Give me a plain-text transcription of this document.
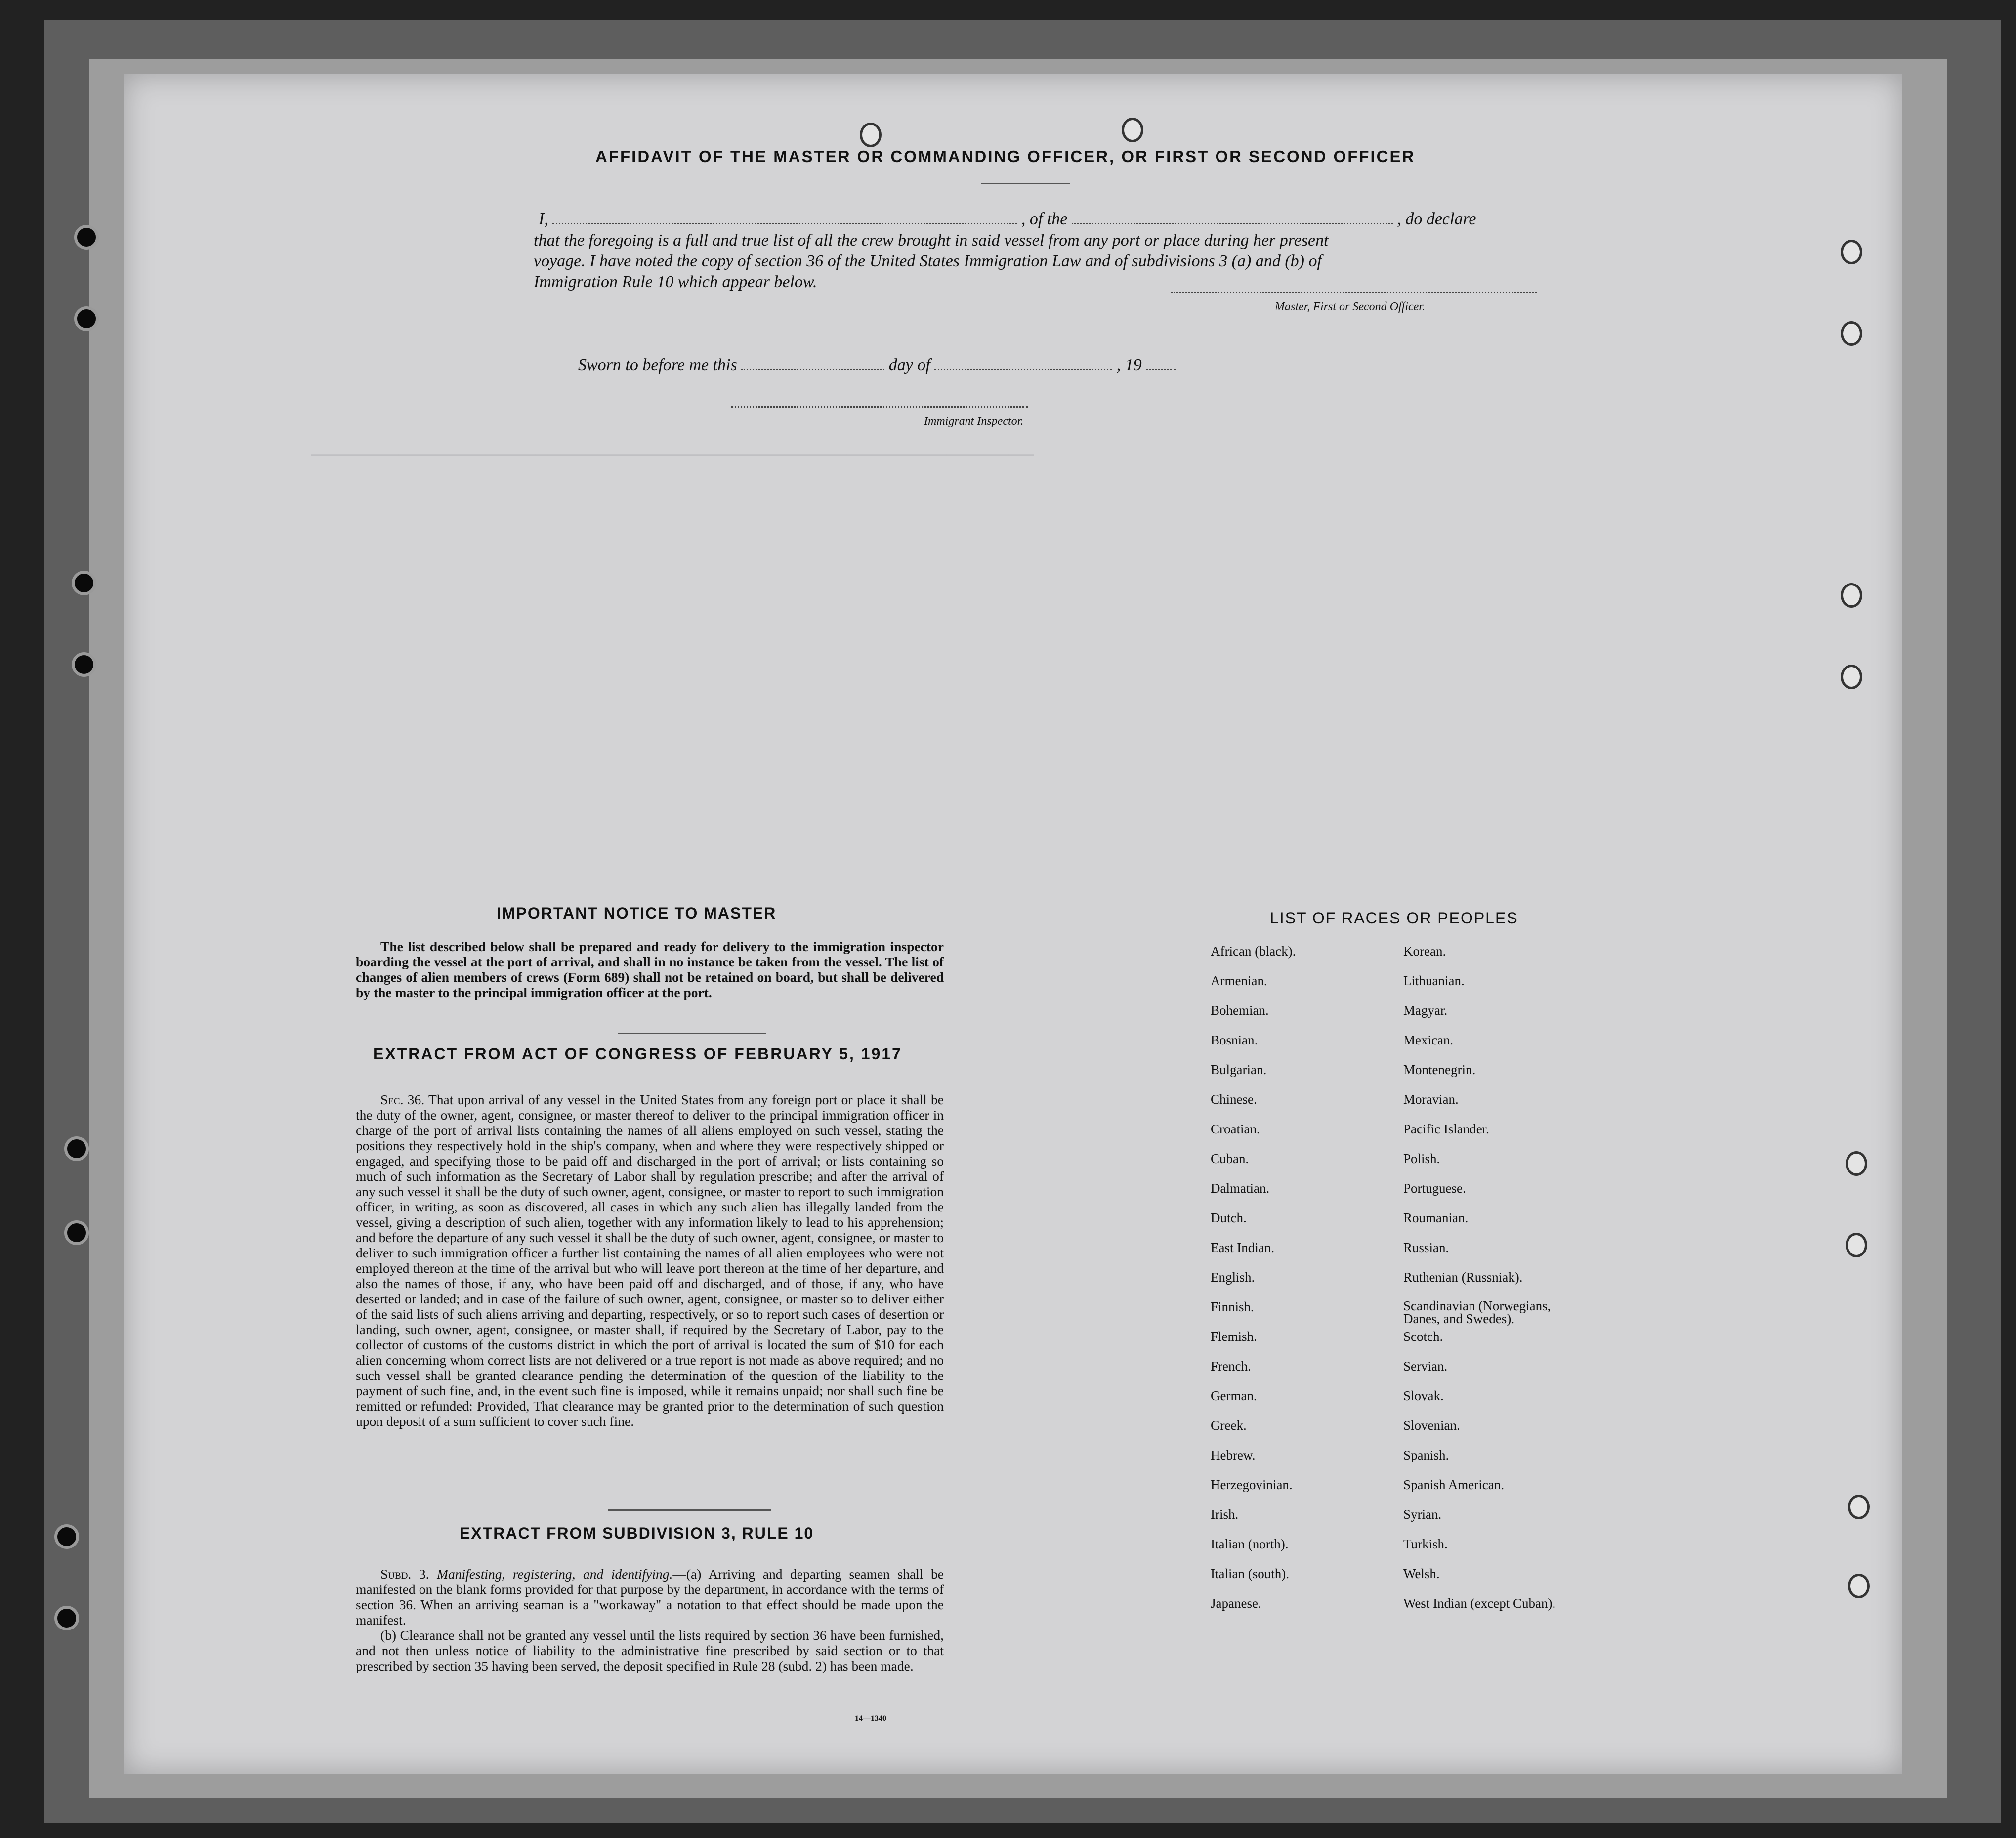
AFFIDAVIT OF THE MASTER OR COMMANDING OFFICER, OR FIRST OR SECOND OFFICER
I,	, of the	, do declare
that the foregoing is a full and true list of all the crew brought in said vessel from any port or place during her present
voyage. I have noted the copy of section 36 of the United States Immigration Law and of subdivisions 3 (a) and (b) of
Immigration Rule 10 which appear below.
Master, First or Second Officer.
Sworn to before me this	day of	, 19
Immigrant Inspector.
——————————————————————————————————————————————————————————
IMPORTANT NOTICE TO MASTER

The list described below shall be prepared and ready for delivery to the immigration inspector boarding the vessel at the port of arrival, and shall in no instance be taken from the vessel. The list of changes of alien members of crews (Form 689) shall not be retained on board, but shall be delivered by the master to the principal immigration officer at the port.

EXTRACT FROM ACT OF CONGRESS OF FEBRUARY 5, 1917

Sec. 36. That upon arrival of any vessel in the United States from any foreign port or place it shall be the duty of the owner, agent, consignee, or master thereof to deliver to the principal immigration officer in charge of the port of arrival lists containing the names of all aliens employed on such vessel, stating the positions they respectively hold in the ship's company, when and where they were respectively shipped or engaged, and specifying those to be paid off and discharged in the port of arrival; or lists containing so much of such information as the Secretary of Labor shall by regulation prescribe; and after the arrival of any such vessel it shall be the duty of such owner, agent, consignee, or master to report to such immigration officer, in writing, as soon as discovered, all cases in which any such alien has illegally landed from the vessel, giving a description of such alien, together with any information likely to lead to his apprehension; and before the departure of any such vessel it shall be the duty of such owner, agent, consignee, or master to deliver to such immigration officer a further list containing the names of all alien employees who were not employed thereon at the time of the arrival but who will leave port thereon at the time of her departure, and also the names of those, if any, who have been paid off and discharged, and of those, if any, who have deserted or landed; and in case of the failure of such owner, agent, consignee, or master so to deliver either of the said lists of such aliens arriving and departing, respectively, or so to report such cases of desertion or landing, such owner, agent, consignee, or master shall, if required by the Secretary of Labor, pay to the collector of customs of the customs district in which the port of arrival is located the sum of $10 for each alien concerning whom correct lists are not delivered or a true report is not made as above required; and no such vessel shall be granted clearance pending the determination of the question of the liability to the payment of such fine, and, in the event such fine is imposed, while it remains unpaid; nor shall such fine be remitted or refunded: Provided, That clearance may be granted prior to the determination of such question upon deposit of a sum sufficient to cover such fine.

EXTRACT FROM SUBDIVISION 3, RULE 10

Subd. 3. Manifesting, registering, and identifying.—(a) Arriving and departing seamen shall be manifested on the blank forms provided for that purpose by the department, in accordance with the terms of section 36. When an arriving seaman is a "workaway" a notation to that effect should be made upon the manifest.

(b) Clearance shall not be granted any vessel until the lists required by section 36 have been furnished, and not then unless notice of liability to the administrative fine prescribed by said section or to that prescribed by section 35 having been served, the deposit specified in Rule 28 (subd. 2) has been made.

14—1340
LIST OF RACES OR PEOPLES
African (black).
Armenian.
Bohemian.
Bosnian.
Bulgarian.
Chinese.
Croatian.
Cuban.
Dalmatian.
Dutch.
East Indian.
English.
Finnish.
Flemish.
French.
German.
Greek.
Hebrew.
Herzegovinian.
Irish.
Italian (north).
Italian (south).
Japanese.
Korean.
Lithuanian.
Magyar.
Mexican.
Montenegrin.
Moravian.
Pacific Islander.
Polish.
Portuguese.
Roumanian.
Russian.
Ruthenian (Russniak).
Scandinavian (Norwegians, Danes, and Swedes).
Scotch.
Servian.
Slovak.
Slovenian.
Spanish.
Spanish American.
Syrian.
Turkish.
Welsh.
West Indian (except Cuban).
